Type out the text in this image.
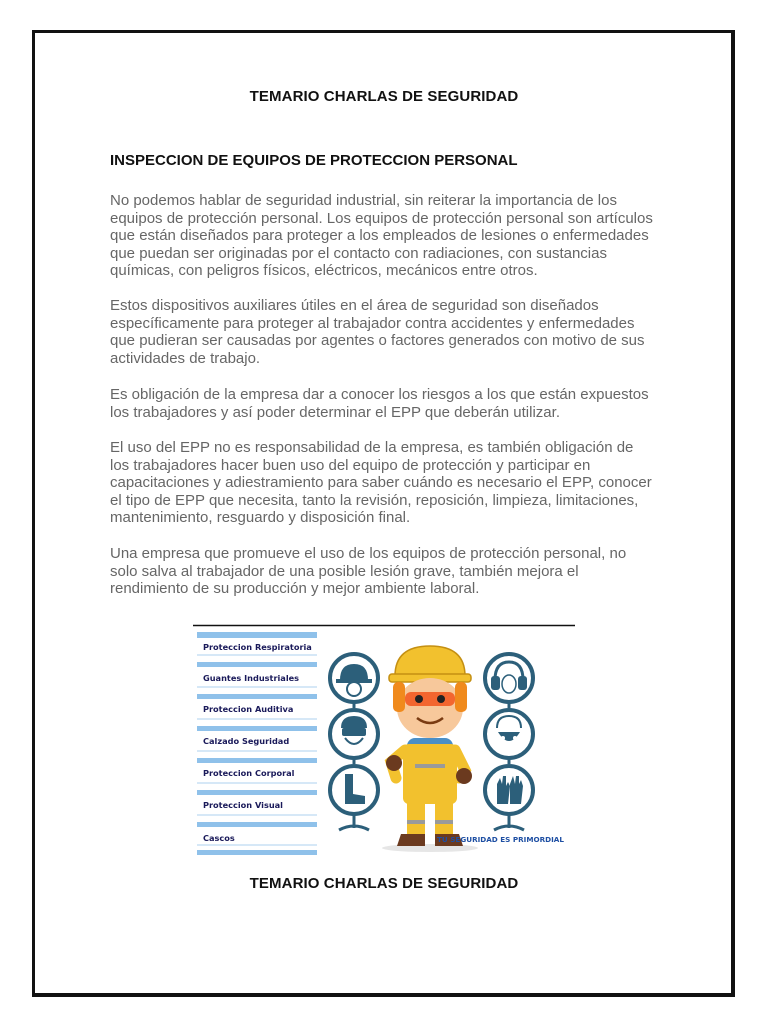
TEMARIO CHARLAS DE SEGURIDAD
INSPECCION DE EQUIPOS DE PROTECCION PERSONAL

No podemos hablar de seguridad industrial, sin reiterar la importancia de los equipos de protección personal. Los equipos de protección personal son artículos que están diseñados para proteger a los empleados de lesiones o enfermedades que puedan ser originadas por el contacto con radiaciones, con sustancias químicas, con peligros físicos, eléctricos, mecánicos entre otros.

Estos dispositivos auxiliares útiles en el área de seguridad son diseñados específicamente para proteger al trabajador contra accidentes y enfermedades que pudieran ser causadas por agentes o factores generados con motivo de sus actividades de trabajo.

Es obligación de la empresa dar a conocer los riesgos a los que están expuestos los trabajadores y así poder determinar el EPP que deberán utilizar.

El uso del EPP no es responsabilidad de la empresa, es también obligación de los trabajadores hacer buen uso del equipo de protección y participar en capacitaciones y adiestramiento para saber cuándo es necesario el EPP, conocer el tipo de EPP que necesita, tanto la revisión, reposición, limpieza, limitaciones, mantenimiento, resguardo y disposición final.

Una empresa que promueve el uso de los equipos de protección personal, no solo salva al trabajador de una posible lesión grave, también mejora el rendimiento de su producción y mejor ambiente laboral.

Proteccion Respiratoria
Guantes Industriales
Proteccion Auditiva
Calzado Seguridad
Proteccion Corporal
Proteccion Visual
Cascos	TU SEGURIDAD ES PRIMORDIAL
TEMARIO CHARLAS DE SEGURIDAD
